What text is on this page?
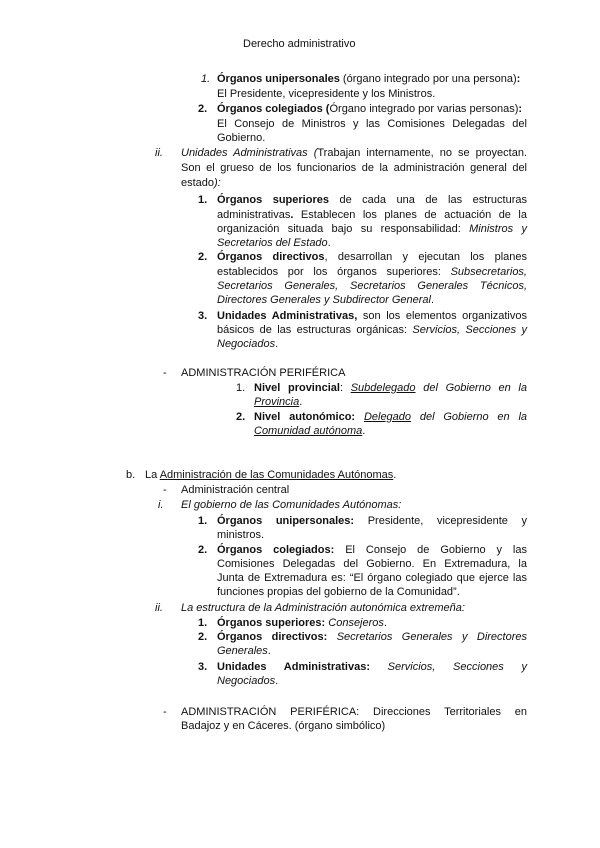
Derecho administrativo
1. Órganos unipersonales (órgano integrado por una persona):
El Presidente, vicepresidente y los Ministros.
2. Órganos colegiados (Órgano integrado por varias personas):
El Consejo de Ministros y las Comisiones Delegadas del
Gobierno.
ii. Unidades Administrativas (Trabajan internamente, no se proyectan.
Son el grueso de los funcionarios de la administración general del
estado):
1. Órganos superiores de cada una de las estructuras
administrativas. Establecen los planes de actuación de la
organización situada bajo su responsabilidad: Ministros y
Secretarios del Estado.
2. Órganos directivos, desarrollan y ejecutan los planes
establecidos por los órganos superiores: Subsecretarios,
Secretarios Generales, Secretarios Generales Técnicos,
Directores Generales y Subdirector General.
3. Unidades Administrativas, son los elementos organizativos
básicos de las estructuras orgánicas: Servicios, Secciones y
Negociados.
- ADMINISTRACIÓN PERIFÉRICA
1. Nivel provincial: Subdelegado del Gobierno en la
Provincia.
2. Nivel autonómico: Delegado del Gobierno en la
Comunidad autónoma.
b. La Administración de las Comunidades Autónomas.
- Administración central
i. El gobierno de las Comunidades Autónomas:
1. Órganos unipersonales: Presidente, vicepresidente y
ministros.
2. Órganos colegiados: El Consejo de Gobierno y las
Comisiones Delegadas del Gobierno. En Extremadura, la
Junta de Extremadura es: “El órgano colegiado que ejerce las
funciones propias del gobierno de la Comunidad”.
ii. La estructura de la Administración autonómica extremeña:
1. Órganos superiores: Consejeros.
2. Órganos directivos: Secretarios Generales y Directores
Generales.
3. Unidades Administrativas: Servicios, Secciones y
Negociados.
- ADMINISTRACIÓN PERIFÉRICA: Direcciones Territoriales en
Badajoz y en Cáceres. (órgano simbólico)
